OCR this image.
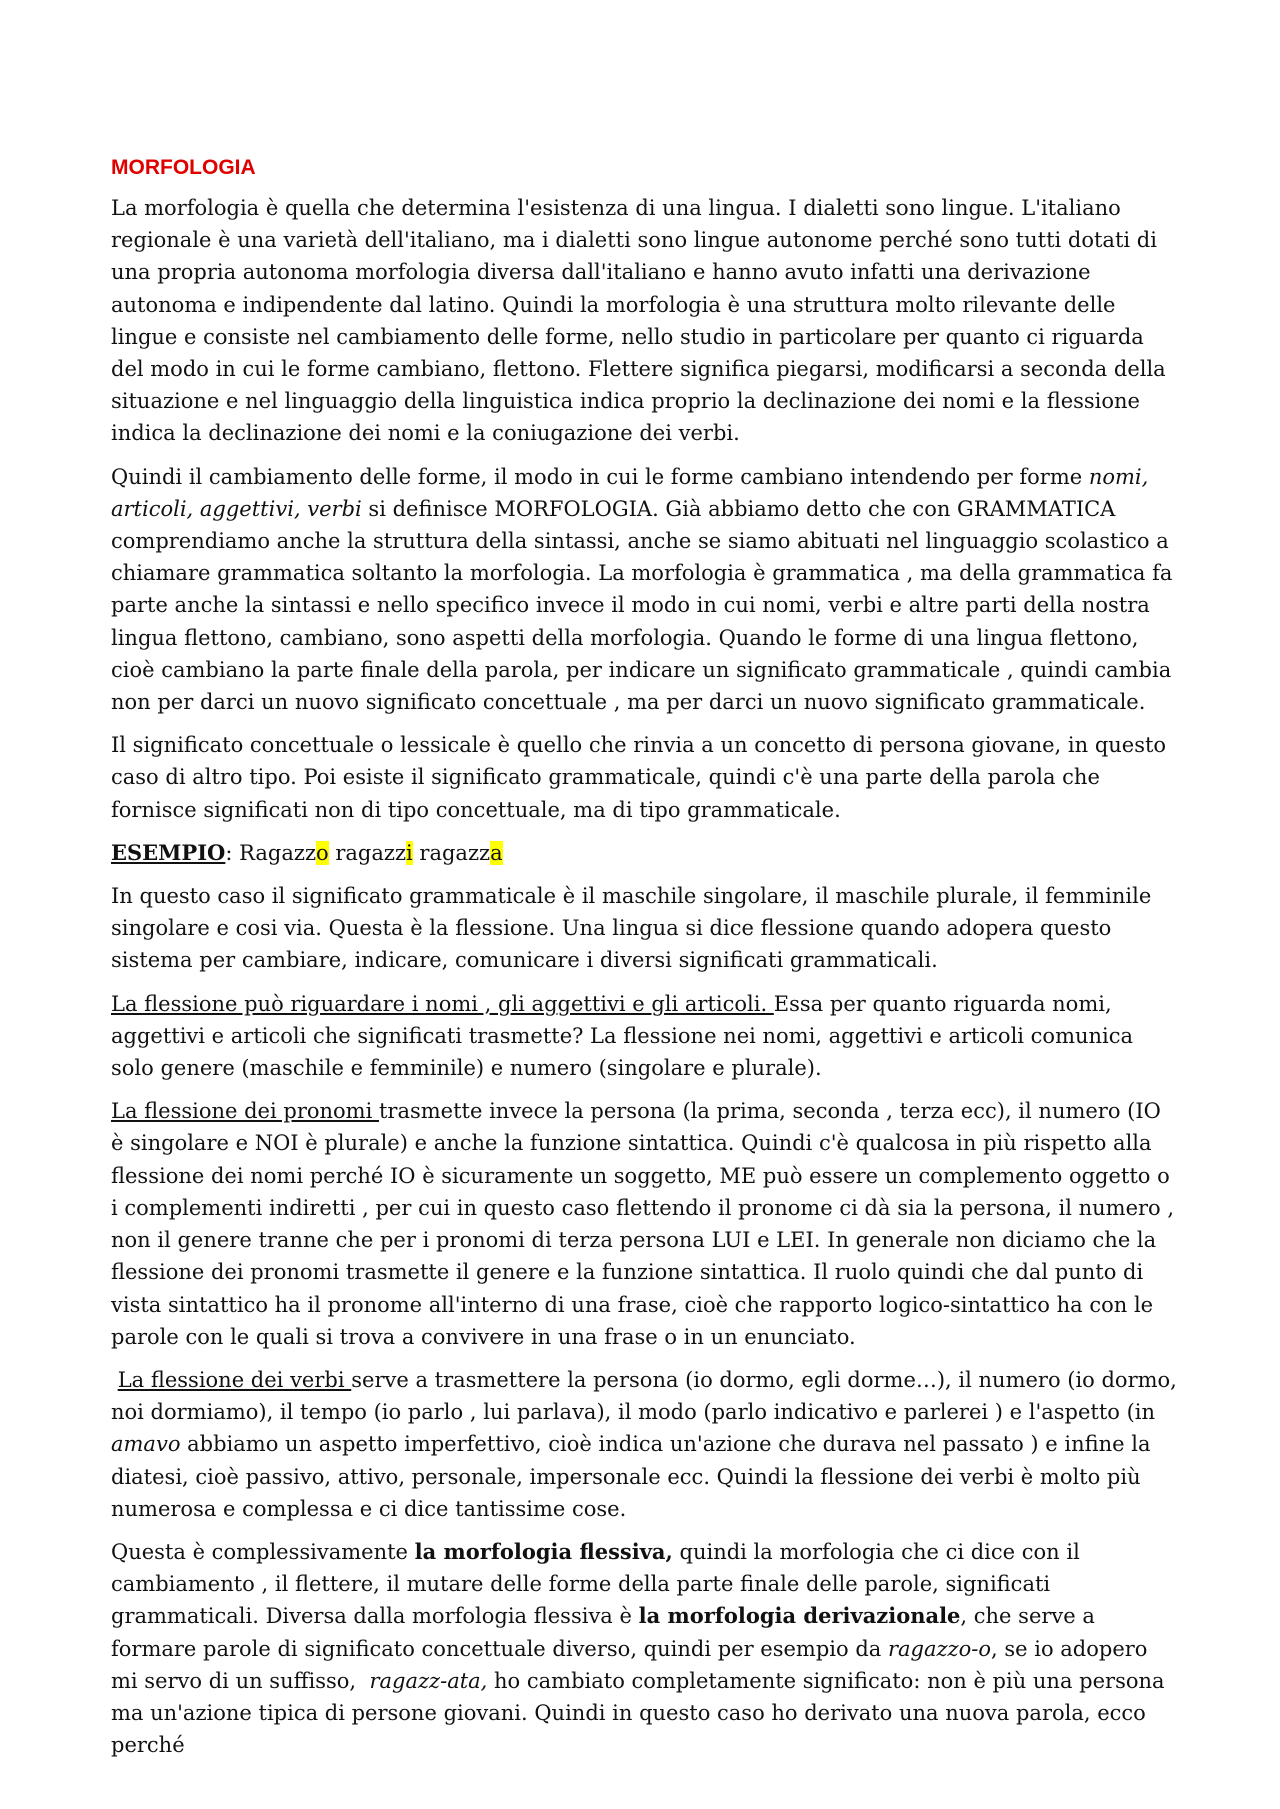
MORFOLOGIA

La morfologia è quella che determina l'esistenza di una lingua. I dialetti sono lingue. L'italiano regionale è una varietà dell'italiano, ma i dialetti sono lingue autonome perché sono tutti dotati di una propria autonoma morfologia diversa dall'italiano e hanno avuto infatti una derivazione autonoma e indipendente dal latino. Quindi la morfologia è una struttura molto rilevante delle lingue e consiste nel cambiamento delle forme, nello studio in particolare per quanto ci riguarda del modo in cui le forme cambiano, flettono. Flettere significa piegarsi, modificarsi a seconda della situazione e nel linguaggio della linguistica indica proprio la declinazione dei nomi e la flessione indica la declinazione dei nomi e la coniugazione dei verbi.

Quindi il cambiamento delle forme, il modo in cui le forme cambiano intendendo per forme nomi, articoli, aggettivi, verbi si definisce MORFOLOGIA. Già abbiamo detto che con GRAMMATICA comprendiamo anche la struttura della sintassi, anche se siamo abituati nel linguaggio scolastico a chiamare grammatica soltanto la morfologia. La morfologia è grammatica , ma della grammatica fa parte anche la sintassi e nello specifico invece il modo in cui nomi, verbi e altre parti della nostra lingua flettono, cambiano, sono aspetti della morfologia. Quando le forme di una lingua flettono, cioè cambiano la parte finale della parola, per indicare un significato grammaticale , quindi cambia non per darci un nuovo significato concettuale , ma per darci un nuovo significato grammaticale.

Il significato concettuale o lessicale è quello che rinvia a un concetto di persona giovane, in questo caso di altro tipo. Poi esiste il significato grammaticale, quindi c'è una parte della parola che fornisce significati non di tipo concettuale, ma di tipo grammaticale.

ESEMPIO: Ragazzo ragazzi ragazza

In questo caso il significato grammaticale è il maschile singolare, il maschile plurale, il femminile singolare e cosi via. Questa è la flessione. Una lingua si dice flessione quando adopera questo sistema per cambiare, indicare, comunicare i diversi significati grammaticali.

La flessione può riguardare i nomi , gli aggettivi e gli articoli. Essa per quanto riguarda nomi, aggettivi e articoli che significati trasmette? La flessione nei nomi, aggettivi e articoli comunica solo genere (maschile e femminile) e numero (singolare e plurale).

La flessione dei pronomi trasmette invece la persona (la prima, seconda , terza ecc), il numero (IO è singolare e NOI è plurale) e anche la funzione sintattica. Quindi c'è qualcosa in più rispetto alla flessione dei nomi perché IO è sicuramente un soggetto, ME può essere un complemento oggetto o i complementi indiretti , per cui in questo caso flettendo il pronome ci dà sia la persona, il numero , non il genere tranne che per i pronomi di terza persona LUI e LEI. In generale non diciamo che la flessione dei pronomi trasmette il genere e la funzione sintattica. Il ruolo quindi che dal punto di vista sintattico ha il pronome all'interno di una frase, cioè che rapporto logico-sintattico ha con le parole con le quali si trova a convivere in una frase o in un enunciato.

La flessione dei verbi serve a trasmettere la persona (io dormo, egli dorme…), il numero (io dormo, noi dormiamo), il tempo (io parlo , lui parlava), il modo (parlo indicativo e parlerei ) e l'aspetto (in amavo abbiamo un aspetto imperfettivo, cioè indica un'azione che durava nel passato ) e infine la diatesi, cioè passivo, attivo, personale, impersonale ecc. Quindi la flessione dei verbi è molto più numerosa e complessa e ci dice tantissime cose.

Questa è complessivamente la morfologia flessiva, quindi la morfologia che ci dice con il cambiamento , il flettere, il mutare delle forme della parte finale delle parole, significati grammaticali. Diversa dalla morfologia flessiva è la morfologia derivazionale, che serve a formare parole di significato concettuale diverso, quindi per esempio da ragazzo-o, se io adopero mi servo di un suffisso,  ragazz-ata, ho cambiato completamente significato: non è più una persona ma un'azione tipica di persone giovani. Quindi in questo caso ho derivato una nuova parola, ecco perché
